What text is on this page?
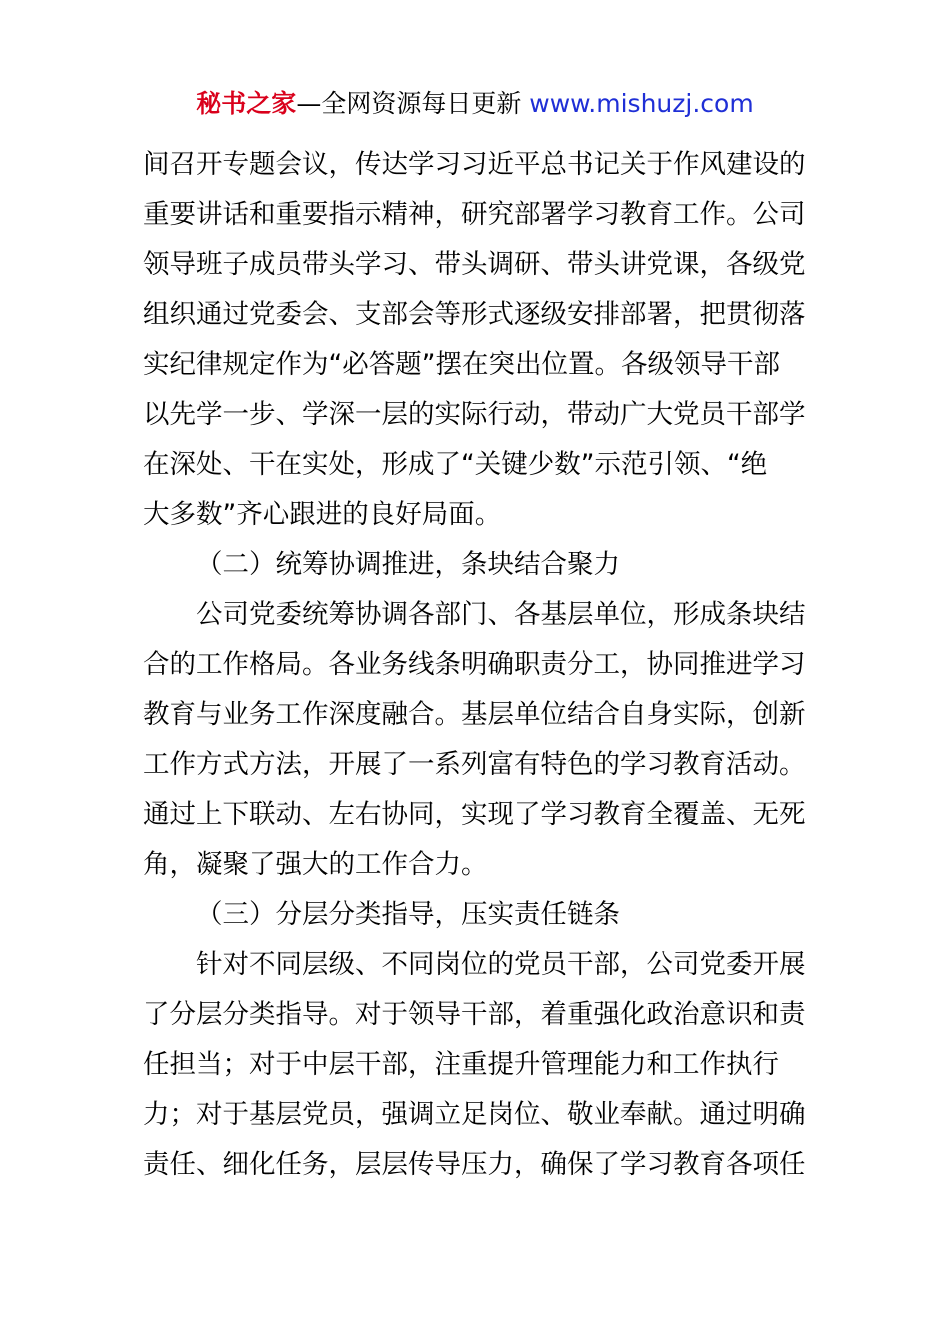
秘书之家—全网资源每日更新 www.mishuzj.com
间召开专题会议，传达学习习近平总书记关于作风建设的
重要讲话和重要指示精神，研究部署学习教育工作。公司
领导班子成员带头学习、带头调研、带头讲党课，各级党
组织通过党委会、支部会等形式逐级安排部署，把贯彻落
实纪律规定作为“必答题”摆在突出位置。各级领导干部
以先学一步、学深一层的实际行动，带动广大党员干部学
在深处、干在实处，形成了“关键少数”示范引领、“绝
大多数”齐心跟进的良好局面。
（二）统筹协调推进，条块结合聚力
公司党委统筹协调各部门、各基层单位，形成条块结
合的工作格局。各业务线条明确职责分工，协同推进学习
教育与业务工作深度融合。基层单位结合自身实际，创新
工作方式方法，开展了一系列富有特色的学习教育活动。
通过上下联动、左右协同，实现了学习教育全覆盖、无死
角，凝聚了强大的工作合力。
（三）分层分类指导，压实责任链条
针对不同层级、不同岗位的党员干部，公司党委开展
了分层分类指导。对于领导干部，着重强化政治意识和责
任担当；对于中层干部，注重提升管理能力和工作执行
力；对于基层党员，强调立足岗位、敬业奉献。通过明确
责任、细化任务，层层传导压力，确保了学习教育各项任
